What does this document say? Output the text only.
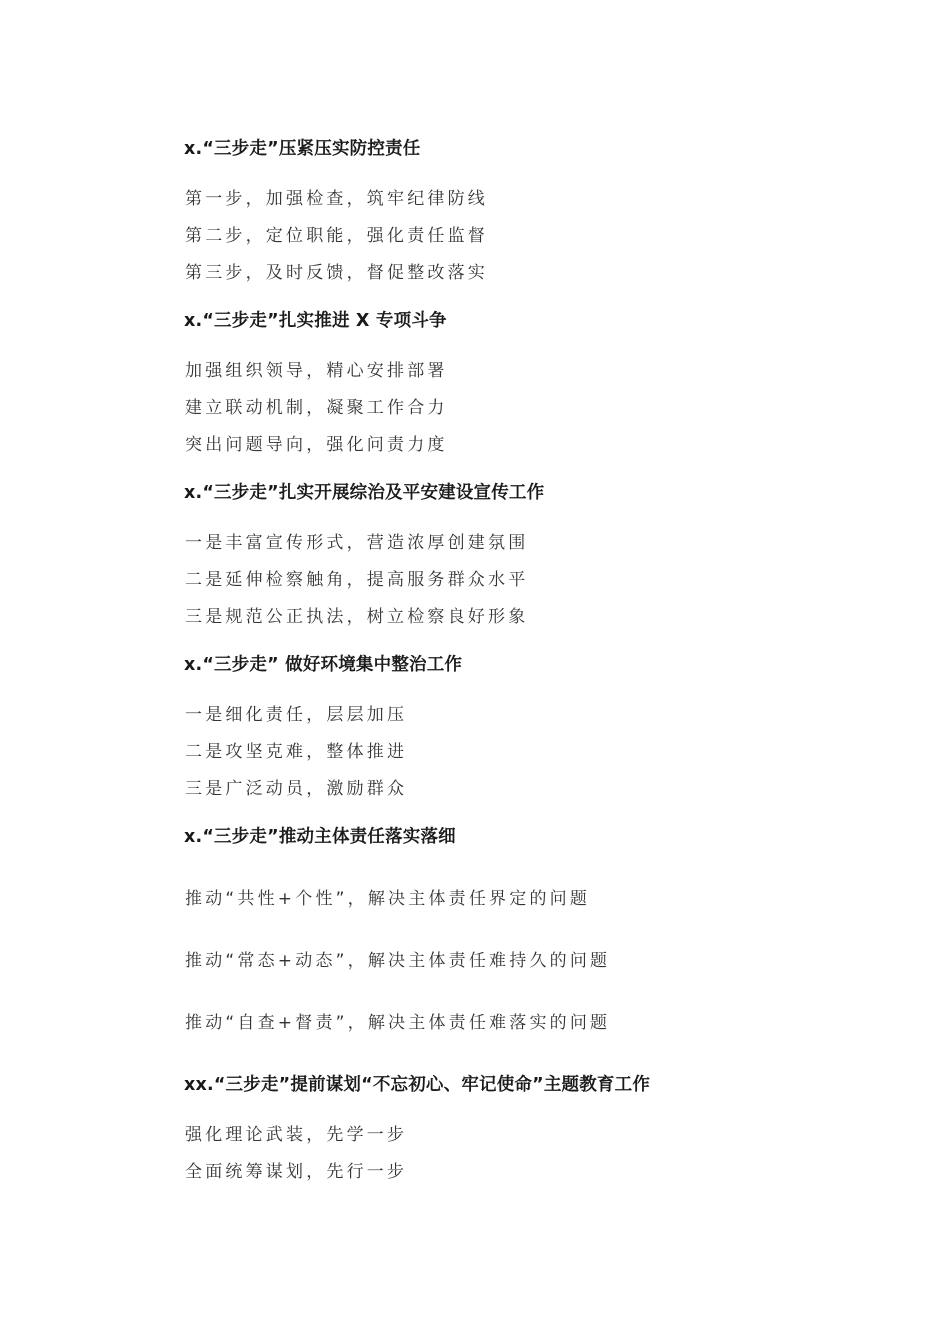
x.“三步走”压紧压实防控责任
第一步，加强检查，筑牢纪律防线
第二步，定位职能，强化责任监督
第三步，及时反馈，督促整改落实
x.“三步走”扎实推进 X 专项斗争
加强组织领导，精心安排部署
建立联动机制，凝聚工作合力
突出问题导向，强化问责力度
x.“三步走”扎实开展综治及平安建设宣传工作
一是丰富宣传形式，营造浓厚创建氛围
二是延伸检察触角，提高服务群众水平
三是规范公正执法，树立检察良好形象
x.“三步走” 做好环境集中整治工作
一是细化责任，层层加压
二是攻坚克难，整体推进
三是广泛动员，激励群众
x.“三步走”推动主体责任落实落细
推动“共性+个性”，解决主体责任界定的问题
推动“常态+动态”，解决主体责任难持久的问题
推动“自查+督责”，解决主体责任难落实的问题
xx.“三步走”提前谋划“不忘初心、牢记使命”主题教育工作
强化理论武装，先学一步
全面统筹谋划，先行一步
